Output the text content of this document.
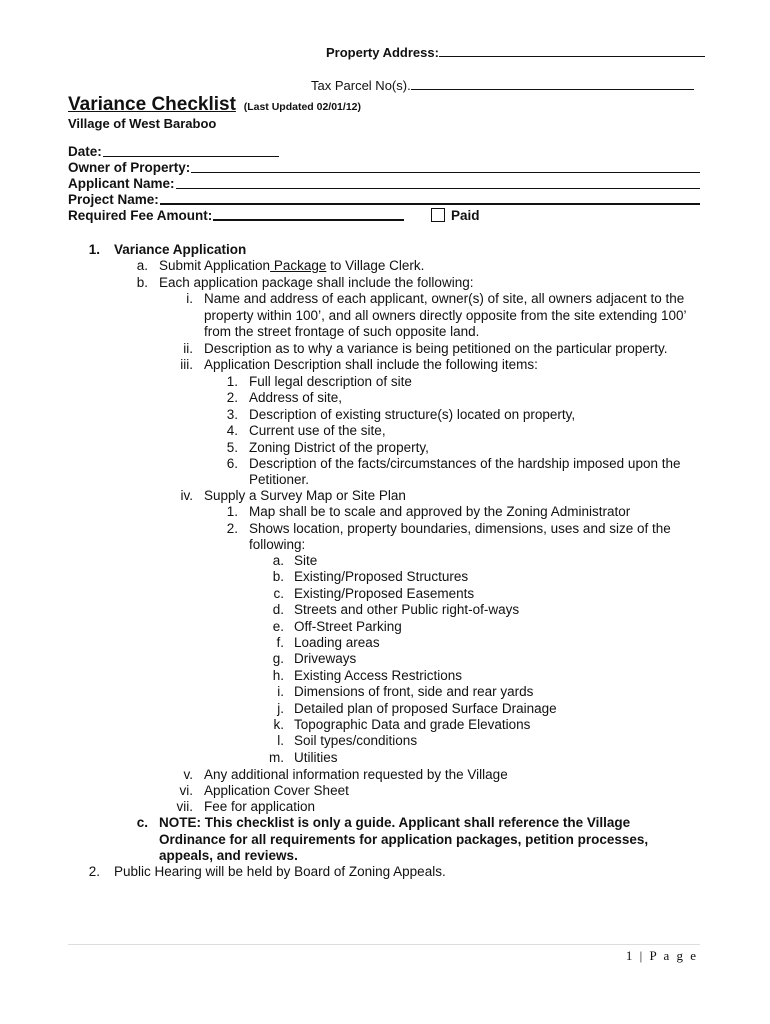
Property Address:
Tax Parcel No(s).
Variance Checklist (Last Updated 02/01/12)
Village of West Baraboo
Date:
Owner of Property:
Applicant Name:
Project Name:
Required Fee Amount:	Paid
1. Variance Application
a. Submit Application Package to Village Clerk.
b. Each application package shall include the following:
i. Name and address of each applicant, owner(s) of site, all owners adjacent to the
property within 100’, and all owners directly opposite from the site extending 100’
from the street frontage of such opposite land.
ii. Description as to why a variance is being petitioned on the particular property.
iii. Application Description shall include the following items:
1. Full legal description of site
2. Address of site,
3. Description of existing structure(s) located on property,
4. Current use of the site,
5. Zoning District of the property,
6. Description of the facts/circumstances of the hardship imposed upon the
Petitioner.
iv. Supply a Survey Map or Site Plan
1. Map shall be to scale and approved by the Zoning Administrator
2. Shows location, property boundaries, dimensions, uses and size of the
following:
a. Site
b. Existing/Proposed Structures
c. Existing/Proposed Easements
d. Streets and other Public right-of-ways
e. Off-Street Parking
f. Loading areas
g. Driveways
h. Existing Access Restrictions
i. Dimensions of front, side and rear yards
j. Detailed plan of proposed Surface Drainage
k. Topographic Data and grade Elevations
l. Soil types/conditions
m. Utilities
v. Any additional information requested by the Village
vi. Application Cover Sheet
vii. Fee for application
c. NOTE: This checklist is only a guide. Applicant shall reference the Village
Ordinance for all requirements for application packages, petition processes,
appeals, and reviews.
2. Public Hearing will be held by Board of Zoning Appeals.
1 | P a g e
